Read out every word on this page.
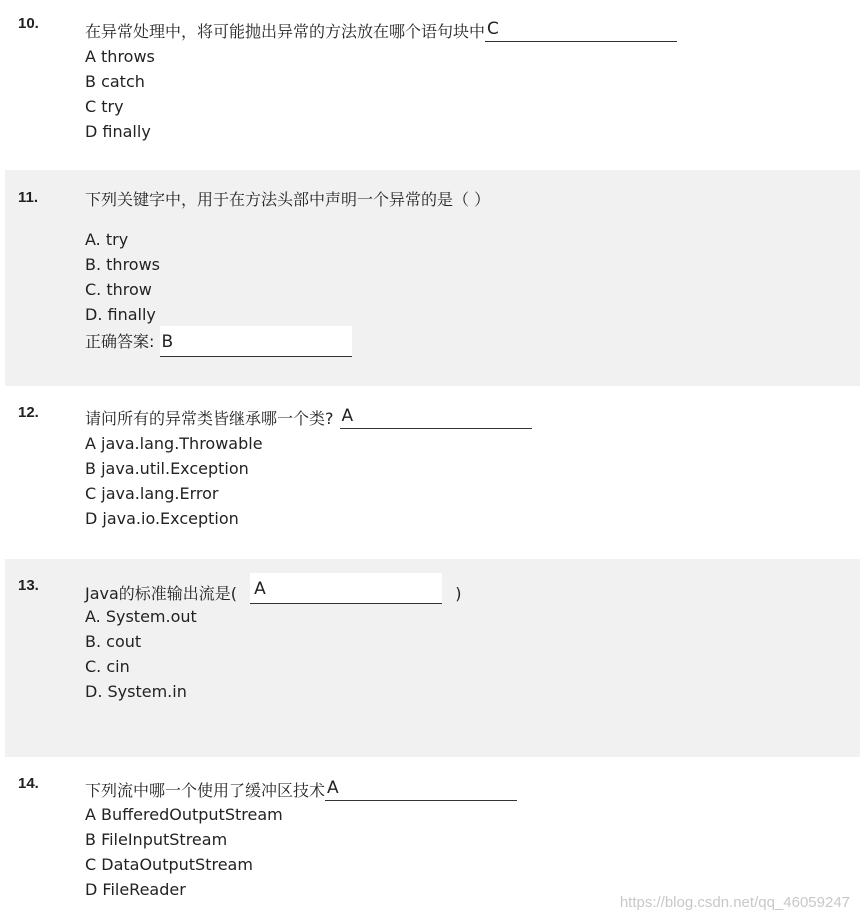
10.	在异常处理中，将可能抛出异常的方法放在哪个语句块中 C
A throws
B catch
C try
D finally
11.	下列关键字中，用于在方法头部中声明一个异常的是（ ）
A. try
B. throws
C. throw
D. finally
正确答案: B
12.	请问所有的异常类皆继承哪一个类? A
A java.lang.Throwable
B java.util.Exception
C java.lang.Error
D java.io.Exception
13.	Java的标准输出流是( A	)
A. System.out
B. cout
C. cin
D. System.in
14.	下列流中哪一个使用了缓冲区技术 A
A BufferedOutputStream
B FileInputStream
C DataOutputStream
D FileReader
https://blog.csdn.net/qq_46059247
